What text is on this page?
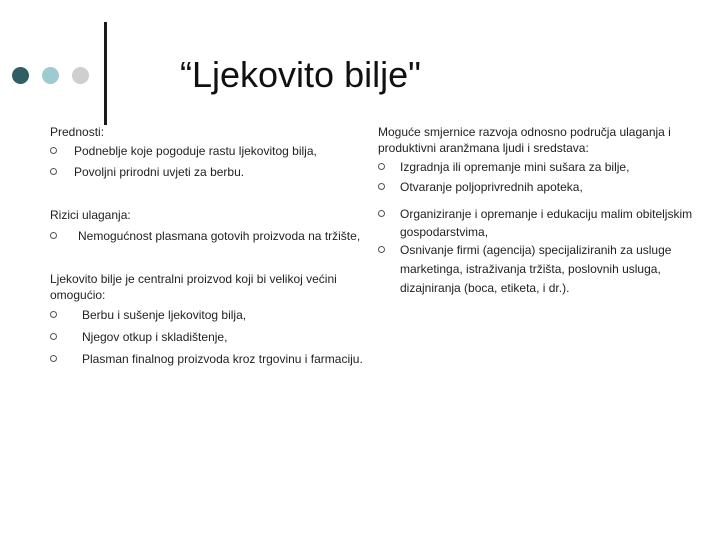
“Ljekovito bilje"
Prednosti:
Podneblje koje pogoduje rastu ljekovitog bilja,
Povoljni prirodni uvjeti za berbu.
Rizici ulaganja:
Nemogućnost plasmana gotovih proizvoda na tržište,
Ljekovito bilje je centralni proizvod koji bi velikoj većini
omogućio:
Berbu i sušenje ljekovitog bilja,
Njegov otkup i skladištenje,
Plasman finalnog proizvoda kroz trgovinu i farmaciju.
Moguće smjernice razvoja odnosno područja ulaganja i
produktivni aranžmana ljudi i sredstava:
Izgradnja ili opremanje mini sušara za bilje,
Otvaranje poljoprivrednih apoteka,
Organiziranje i opremanje i edukaciju malim obiteljskim
gospodarstvima,
Osnivanje firmi (agencija) specijaliziranih za usluge
marketinga, istraživanja tržišta, poslovnih usluga,
dizajniranja (boca, etiketa, i dr.).
